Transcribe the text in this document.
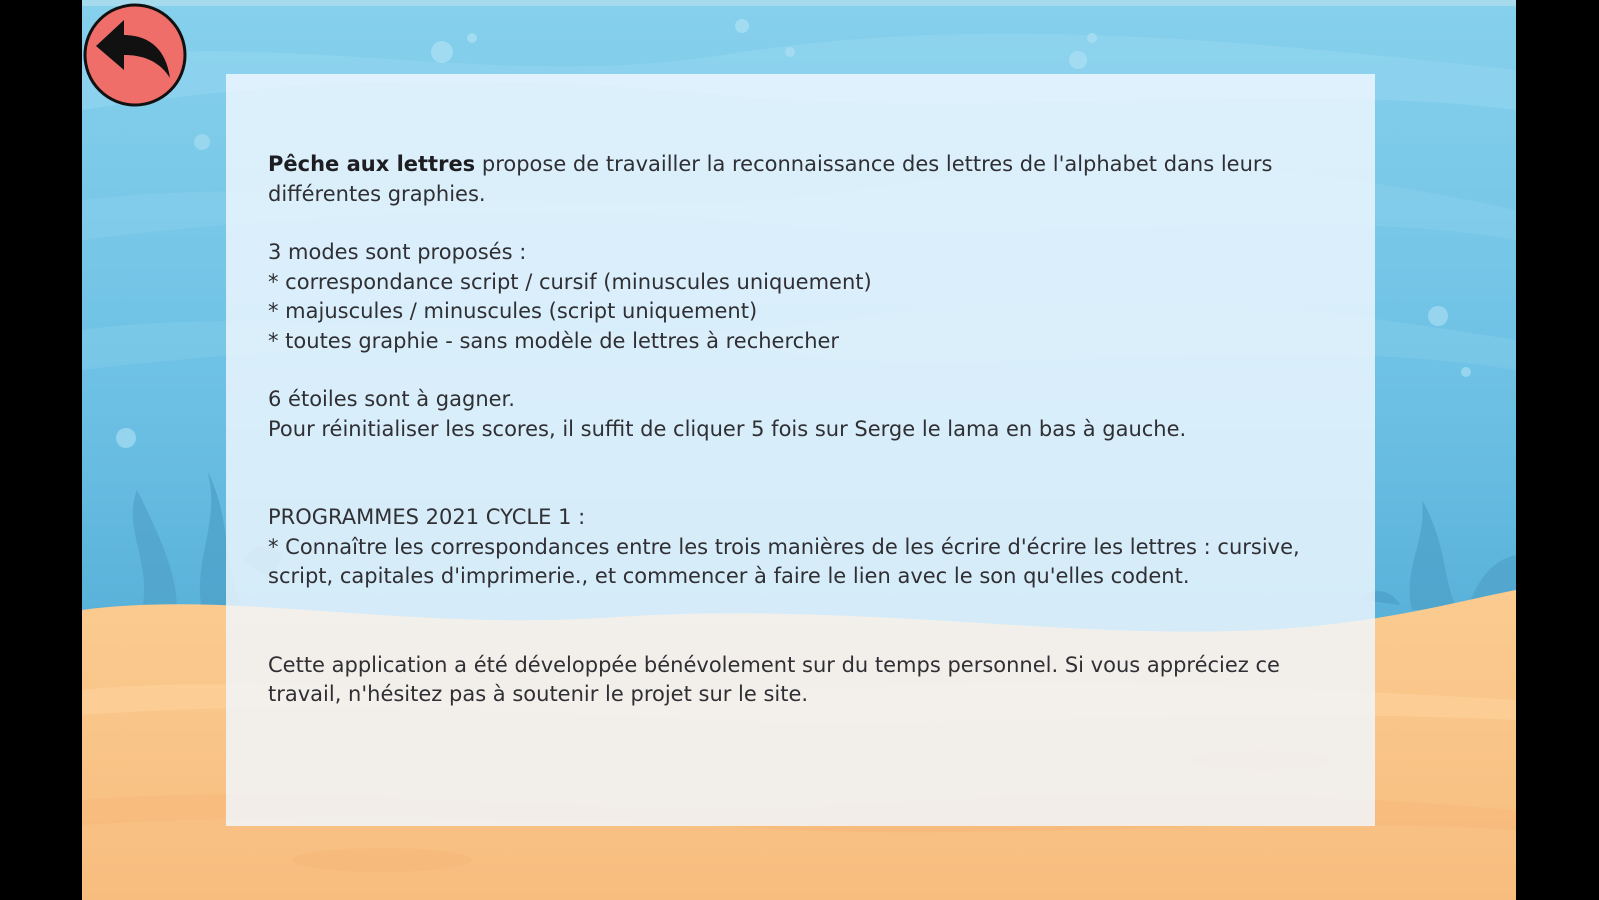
Pêche aux lettres propose de travailler la reconnaissance des lettres de l'alphabet dans leurs différentes graphies.

3 modes sont proposés :

* correspondance script / cursif (minuscules uniquement)

* majuscules / minuscules (script uniquement)

* toutes graphie - sans modèle de lettres à rechercher

6 étoiles sont à gagner.

Pour réinitialiser les scores, il suffit de cliquer 5 fois sur Serge le lama en bas à gauche.

PROGRAMMES 2021 CYCLE 1 :

* Connaître les correspondances entre les trois manières de les écrire d'écrire les lettres : cursive, script, capitales d'imprimerie., et commencer à faire le lien avec le son qu'elles codent.

Cette application a été développée bénévolement sur du temps personnel. Si vous appréciez ce travail, n'hésitez pas à soutenir le projet sur le site.
